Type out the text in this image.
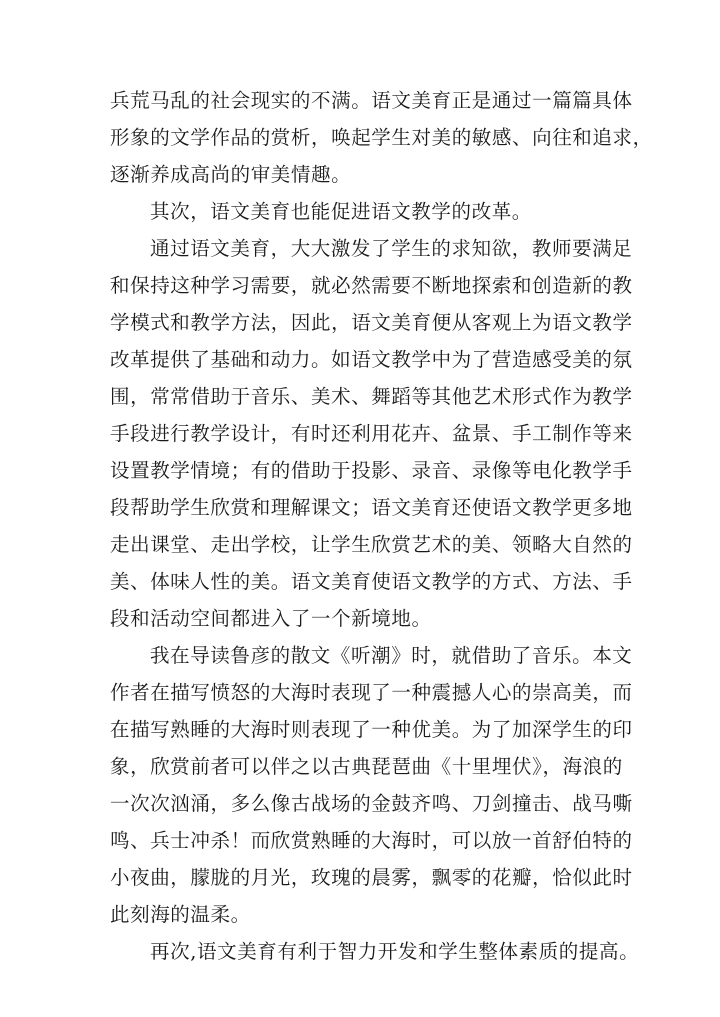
兵荒马乱的社会现实的不满。语文美育正是通过一篇篇具体
形象的文学作品的赏析，唤起学生对美的敏感、向往和追求，
逐渐养成高尚的审美情趣。
其次，语文美育也能促进语文教学的改革。
通过语文美育，大大激发了学生的求知欲，教师要满足
和保持这种学习需要，就必然需要不断地探索和创造新的教
学模式和教学方法，因此，语文美育便从客观上为语文教学
改革提供了基础和动力。如语文教学中为了营造感受美的氛
围，常常借助于音乐、美术、舞蹈等其他艺术形式作为教学
手段进行教学设计，有时还利用花卉、盆景、手工制作等来
设置教学情境；有的借助于投影、录音、录像等电化教学手
段帮助学生欣赏和理解课文；语文美育还使语文教学更多地
走出课堂、走出学校，让学生欣赏艺术的美、领略大自然的
美、体味人性的美。语文美育使语文教学的方式、方法、手
段和活动空间都进入了一个新境地。
我在导读鲁彦的散文《听潮》时，就借助了音乐。本文
作者在描写愤怒的大海时表现了一种震撼人心的崇高美，而
在描写熟睡的大海时则表现了一种优美。为了加深学生的印
象，欣赏前者可以伴之以古典琵琶曲《十里埋伏》，海浪的
一次次汹涌，多么像古战场的金鼓齐鸣、刀剑撞击、战马嘶
鸣、兵士冲杀！而欣赏熟睡的大海时，可以放一首舒伯特的
小夜曲，朦胧的月光，玫瑰的晨雾，飘零的花瓣，恰似此时
此刻海的温柔。
再次,语文美育有利于智力开发和学生整体素质的提高。
